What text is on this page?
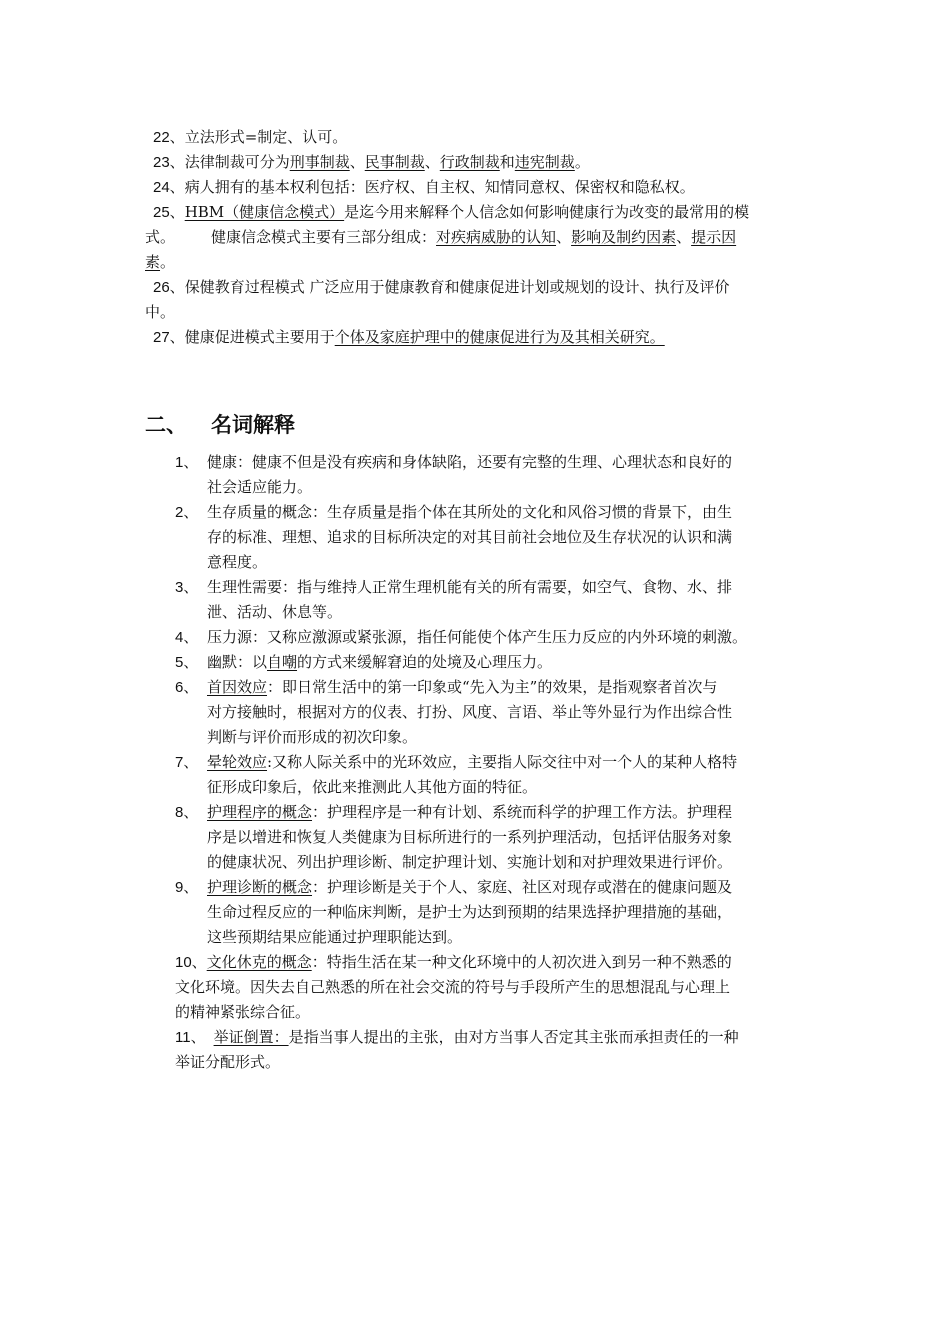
22、立法形式=制定、认可。
23、法律制裁可分为刑事制裁、民事制裁、行政制裁和违宪制裁。
24、病人拥有的基本权利包括：医疗权、自主权、知情同意权、保密权和隐私权。
25、HBM（健康信念模式）是迄今用来解释个人信念如何影响健康行为改变的最常用的模
式。 健康信念模式主要有三部分组成：对疾病威胁的认知、影响及制约因素、提示因
素。
26、保健教育过程模式 广泛应用于健康教育和健康促进计划或规划的设计、执行及评价
中。
27、健康促进模式主要用于个体及家庭护理中的健康促进行为及其相关研究。
二、 名词解释
1、 健康：健康不但是没有疾病和身体缺陷，还要有完整的生理、心理状态和良好的
社会适应能力。
2、 生存质量的概念：生存质量是指个体在其所处的文化和风俗习惯的背景下，由生
存的标准、理想、追求的目标所决定的对其目前社会地位及生存状况的认识和满
意程度。
3、 生理性需要：指与维持人正常生理机能有关的所有需要，如空气、食物、水、排
泄、活动、休息等。
4、 压力源：又称应激源或紧张源，指任何能使个体产生压力反应的内外环境的刺激。
5、 幽默：以自嘲的方式来缓解窘迫的处境及心理压力。
6、 首因效应：即日常生活中的第一印象或“先入为主”的效果，是指观察者首次与
对方接触时，根据对方的仪表、打扮、风度、言语、举止等外显行为作出综合性
判断与评价而形成的初次印象。
7、 晕轮效应:又称人际关系中的光环效应，主要指人际交往中对一个人的某种人格特
征形成印象后，依此来推测此人其他方面的特征。
8、 护理程序的概念：护理程序是一种有计划、系统而科学的护理工作方法。护理程
序是以增进和恢复人类健康为目标所进行的一系列护理活动，包括评估服务对象
的健康状况、列出护理诊断、制定护理计划、实施计划和对护理效果进行评价。
9、 护理诊断的概念：护理诊断是关于个人、家庭、社区对现存或潜在的健康问题及
生命过程反应的一种临床判断，是护士为达到预期的结果选择护理措施的基础，
这些预期结果应能通过护理职能达到。
10、文化休克的概念：特指生活在某一种文化环境中的人初次进入到另一种不熟悉的
文化环境。因失去自己熟悉的所在社会交流的符号与手段所产生的思想混乱与心理上
的精神紧张综合征。
11、 举证倒置：是指当事人提出的主张，由对方当事人否定其主张而承担责任的一种
举证分配形式。
